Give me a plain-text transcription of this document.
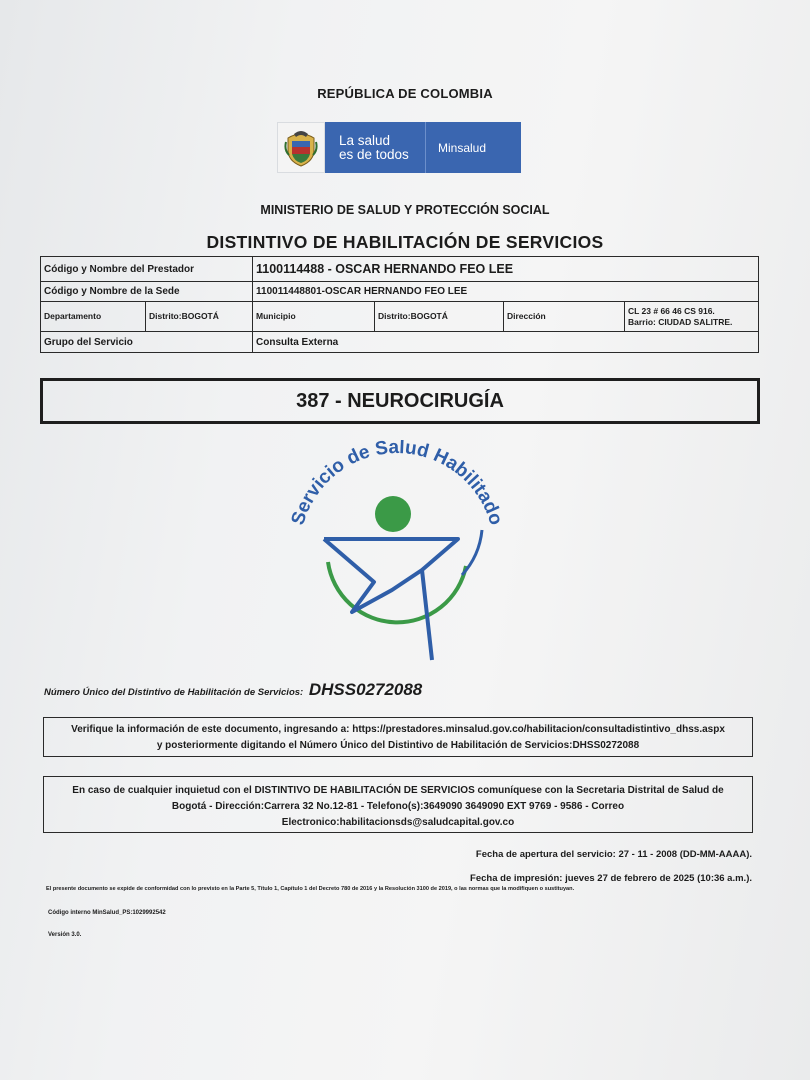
REPÚBLICA DE COLOMBIA
La salud
es de todos	Minsalud
MINISTERIO DE SALUD Y PROTECCIÓN SOCIAL
DISTINTIVO DE HABILITACIÓN DE SERVICIOS
Código y Nombre del Prestador		1100114488 - OSCAR HERNANDO FEO LEE			
Código y Nombre de la Sede		110011448801-OSCAR HERNANDO FEO LEE			
Departamento	Distrito:BOGOTÁ	Municipio	Distrito:BOGOTÁ	Dirección	CL 23 # 66 46 CS 916.
Barrio: CIUDAD SALITRE.

Grupo del Servicio		Consulta Externa			
387 - NEUROCIRUGÍA
Servicio de Salud Habilitado
Número Único del Distintivo de Habilitación de Servicios: DHSS0272088
Verifique la información de este documento, ingresando a: https://prestadores.minsalud.gov.co/habilitacion/consultadistintivo_dhss.aspx
y posteriormente digitando el Número Único del Distintivo de Habilitación de Servicios:DHSS0272088
En caso de cualquier inquietud con el DISTINTIVO DE HABILITACIÓN DE SERVICIOS comuníquese con la Secretaria Distrital de Salud de
Bogotá - Dirección:Carrera 32 No.12-81 - Telefono(s):3649090 3649090 EXT 9769 - 9586 - Correo
Electronico:habilitacionsds@saludcapital.gov.co
Fecha de apertura del servicio: 27 - 11 - 2008 (DD-MM-AAAA).
Fecha de impresión: jueves 27 de febrero de 2025 (10:36 a.m.).
El presente documento se expide de conformidad con lo previsto en la Parte 5, Título 1, Capítulo 1 del Decreto 780 de 2016 y la Resolución 3100 de 2019, o las normas que la modifiquen o sustituyan.
Código interno MinSalud_PS:1029992542
Versión 3.0.
